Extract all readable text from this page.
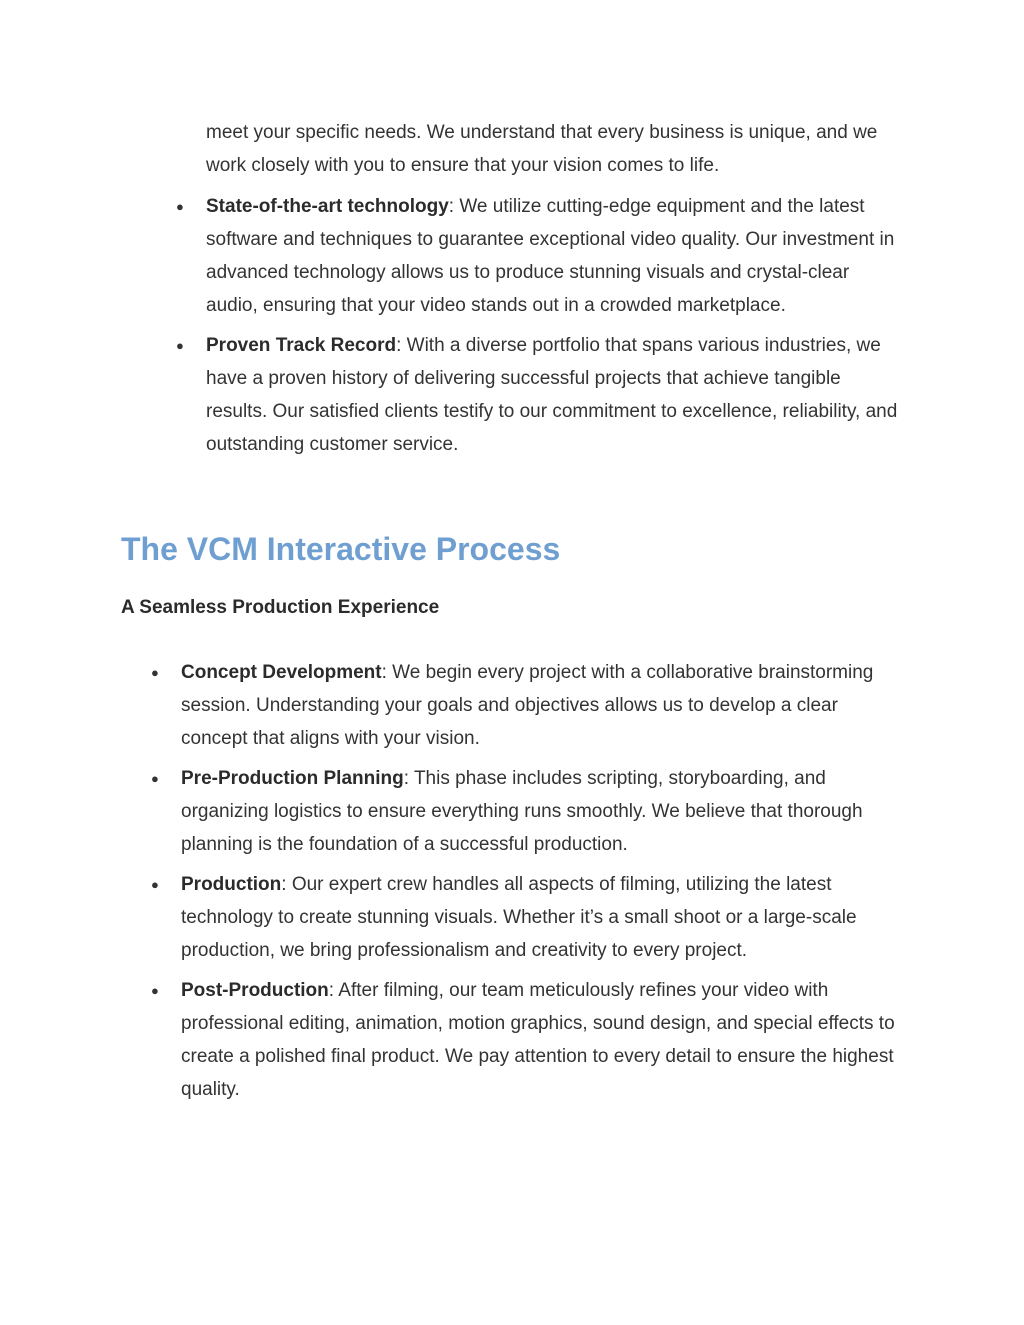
meet your specific needs. We understand that every business is unique, and we work closely with you to ensure that your vision comes to life.

● State-of-the-art technology: We utilize cutting-edge equipment and the latest software and techniques to guarantee exceptional video quality. Our investment in advanced technology allows us to produce stunning visuals and crystal-clear audio, ensuring that your video stands out in a crowded marketplace.
● Proven Track Record: With a diverse portfolio that spans various industries, we have a proven history of delivering successful projects that achieve tangible results. Our satisfied clients testify to our commitment to excellence, reliability, and outstanding customer service.
The VCM Interactive Process
A Seamless Production Experience
● Concept Development: We begin every project with a collaborative brainstorming session. Understanding your goals and objectives allows us to develop a clear concept that aligns with your vision.
● Pre-Production Planning: This phase includes scripting, storyboarding, and organizing logistics to ensure everything runs smoothly. We believe that thorough planning is the foundation of a successful production.
● Production: Our expert crew handles all aspects of filming, utilizing the latest technology to create stunning visuals. Whether it’s a small shoot or a large-scale production, we bring professionalism and creativity to every project.
● Post-Production: After filming, our team meticulously refines your video with professional editing, animation, motion graphics, sound design, and special effects to create a polished final product. We pay attention to every detail to ensure the highest quality.
